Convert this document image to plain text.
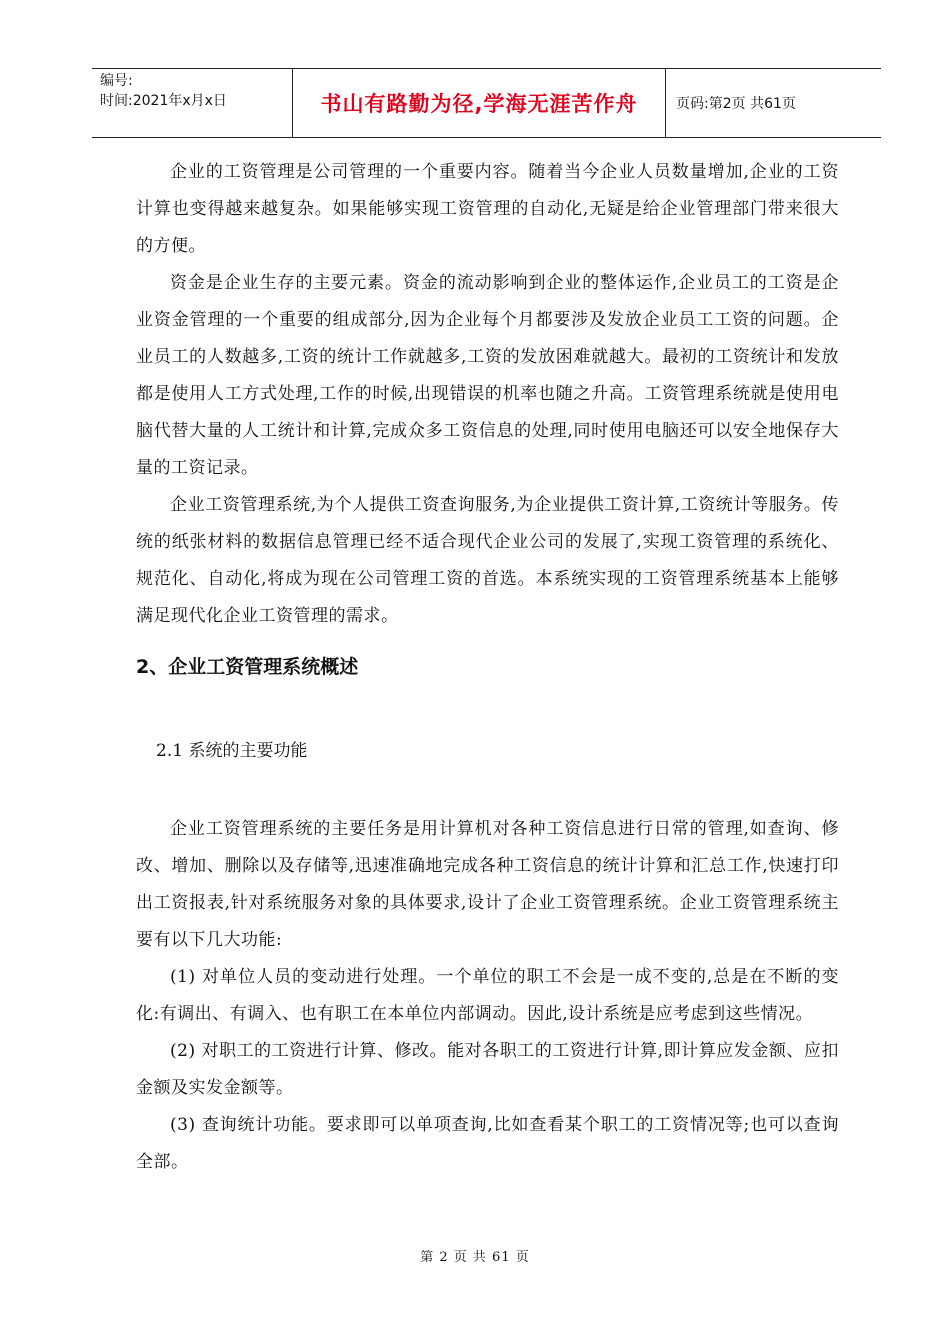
编号:
时间:2021年x月x日	书山有路勤为径,学海无涯苦作舟	页码:第2页 共61页

企业的工资管理是公司管理的一个重要内容。随着当今企业人员数量增加,企业的工资计算也变得越来越复杂。如果能够实现工资管理的自动化,无疑是给企业管理部门带来很大的方便。

资金是企业生存的主要元素。资金的流动影响到企业的整体运作,企业员工的工资是企业资金管理的一个重要的组成部分,因为企业每个月都要涉及发放企业员工工资的问题。企业员工的人数越多,工资的统计工作就越多,工资的发放困难就越大。最初的工资统计和发放都是使用人工方式处理,工作的时候,出现错误的机率也随之升高。工资管理系统就是使用电脑代替大量的人工统计和计算,完成众多工资信息的处理,同时使用电脑还可以安全地保存大量的工资记录。

企业工资管理系统,为个人提供工资查询服务,为企业提供工资计算,工资统计等服务。传统的纸张材料的数据信息管理已经不适合现代企业公司的发展了,实现工资管理的系统化、规范化、自动化,将成为现在公司管理工资的首选。本系统实现的工资管理系统基本上能够满足现代化企业工资管理的需求。

2、企业工资管理系统概述
2.1 系统的主要功能

企业工资管理系统的主要任务是用计算机对各种工资信息进行日常的管理,如查询、修改、增加、删除以及存储等,迅速准确地完成各种工资信息的统计计算和汇总工作,快速打印出工资报表,针对系统服务对象的具体要求,设计了企业工资管理系统。企业工资管理系统主要有以下几大功能:

(1) 对单位人员的变动进行处理。一个单位的职工不会是一成不变的,总是在不断的变化:有调出、有调入、也有职工在本单位内部调动。因此,设计系统是应考虑到这些情况。

(2) 对职工的工资进行计算、修改。能对各职工的工资进行计算,即计算应发金额、应扣金额及实发金额等。

(3) 查询统计功能。要求即可以单项查询,比如查看某个职工的工资情况等;也可以查询全部。

第 2 页 共 61 页
